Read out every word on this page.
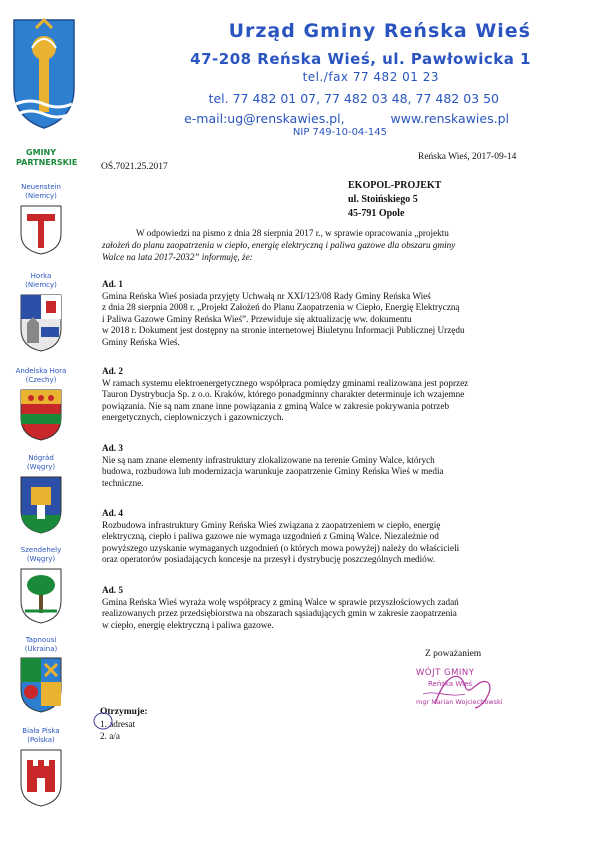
Urząd Gminy Reńska Wieś
47-208 Reńska Wieś, ul. Pawłowicka 1
tel./fax 77 482 01 23
tel. 77 482 01 07, 77 482 03 48, 77 482 03 50
e-mail:ug@renskawies.pl,	www.renskawies.pl
NIP 749-10-04-145
GMINY
PARTNERSKIE
Neuenstein
(Niemcy)
Horka
(Niemcy)
Andelska Hora
(Czechy)
Nógrád
(Węgry)
Szendehely
(Węgry)
Tapnousi
(Ukraina)
Biała Piska
(Polska)
Reńska Wieś, 2017-09-14
OŚ.7021.25.2017
EKOPOL-PROJEKT
ul. Stoińskiego 5
45-791 Opole
W odpowiedzi na pismo z dnia 28 sierpnia 2017 r., w sprawie opracowania „projektu
założeń do planu zaopatrzenia w ciepło, energię elektryczną i paliwa gazowe dla obszaru gminy
Walce na lata 2017-2032” informuję, że:
Ad. 1
Gmina Reńska Wieś posiada przyjęty Uchwałą nr XXI/123/08 Rady Gminy Reńska Wieś
z dnia 28 sierpnia 2008 r. „Projekt Założeń do Planu Zaopatrzenia w Ciepło, Energię Elektryczną
i Paliwa Gazowe Gminy Reńska Wieś”. Przewiduje się aktualizację ww. dokumentu
w 2018 r. Dokument jest dostępny na stronie internetowej Biuletynu Informacji Publicznej Urzędu
Gminy Reńska Wieś.
Ad. 2
W ramach systemu elektroenergetycznego współpraca pomiędzy gminami realizowana jest poprzez
Tauron Dystrybucja Sp. z o.o. Kraków, którego ponadgminny charakter determinuje ich wzajemne
powiązania. Nie są nam znane inne powiązania z gminą Walce w zakresie pokrywania potrzeb
energetycznych, cieplowniczych i gazowniczych.
Ad. 3
Nie są nam znane elementy infrastruktury zlokalizowane na terenie Gminy Walce, których
budowa, rozbudowa lub modernizacja warunkuje zaopatrzenie Gminy Reńska Wieś w media
techniczne.
Ad. 4
Rozbudowa infrastruktury Gminy Reńska Wieś związana z zaopatrzeniem w ciepło, energię
elektryczną, ciepło i paliwa gazowe nie wymaga uzgodnień z Gminą Walce. Niezależnie od
powyższego uzyskanie wymaganych uzgodnień (o których mowa powyżej) należy do właścicieli
oraz operatorów posiadających koncesje na przesył i dystrybucję poszczególnych mediów.
Ad. 5
Gmina Reńska Wieś wyraża wolę współpracy z gminą Walce w sprawie przyszłościowych zadań
realizowanych przez przedsiębiorstwa na obszarach sąsiadujących gmin w zakresie zaopatrzenia
w ciepło, energię elektryczną i paliwa gazowe.
Z poważaniem
WÓJT GMINY
Reńska Wieś
mgr Marian Wojciechowski
Otrzymuje:
1. adresat
2. a/a
